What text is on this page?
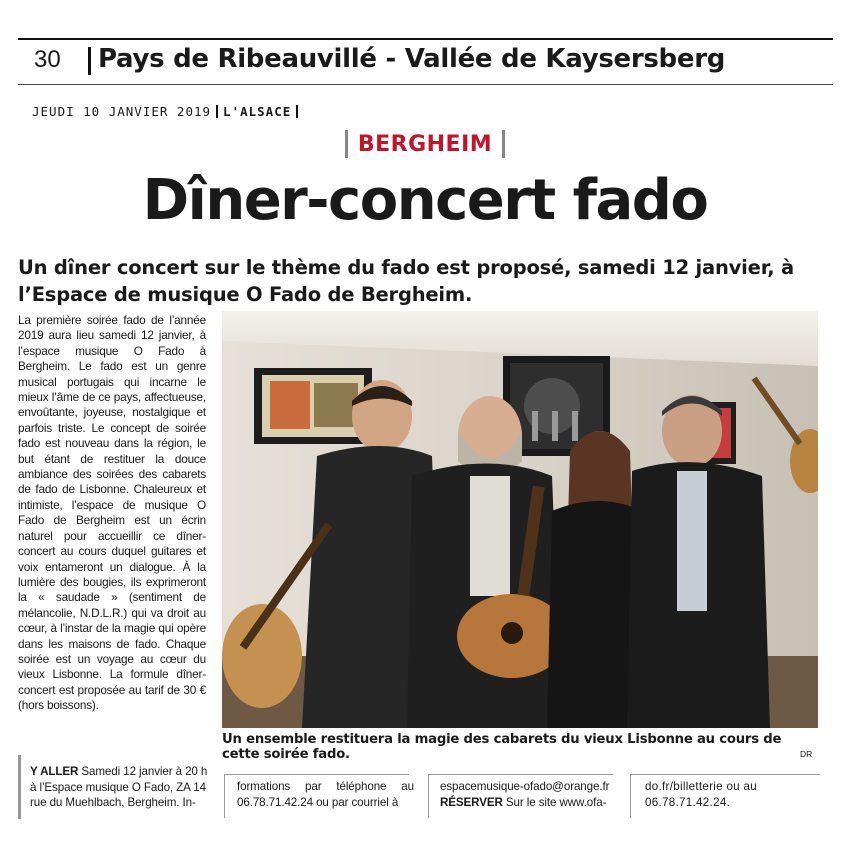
30 Pays de Ribeauvillé - Vallée de Kaysersberg
JEUDI 10 JANVIER 2019 L'ALSACE
BERGHEIM
Dîner-concert fado
Un dîner concert sur le thème du fado est proposé, samedi 12 janvier, à l’Espace de musique O Fado de Bergheim.
La première soirée fado de l’année 2019 aura lieu samedi 12 janvier, à l’espace musique O Fado à Bergheim. Le fado est un genre musical portugais qui incarne le mieux l’âme de ce pays, affectueuse, envoûtante, joyeuse, nostalgique et parfois triste. Le concept de soirée fado est nouveau dans la région, le but étant de restituer la douce ambiance des soirées des cabarets de fado de Lisbonne. Chaleureux et intimiste, l’espace de musique O Fado de Bergheim est un écrin naturel pour accueillir ce dîner-concert au cours duquel guitares et voix entameront un dialogue. À la lumière des bougies, ils exprimeront la « saudade » (sentiment de mélancolie, N.D.L.R.) qui va droit au cœur, à l’instar de la magie qui opère dans les maisons de fado. Chaque soirée est un voyage au cœur du vieux Lisbonne. La formule dîner-concert est proposée au tarif de 30 € (hors boissons).
Un ensemble restituera la magie des cabarets du vieux Lisbonne au cours de cette soirée fado.	DR
Y ALLER Samedi 12 janvier à 20 h à l’Espace musique O Fado, ZA 14 rue du Muehlbach, Bergheim. In-
formations par téléphone au 06.78.71.42.24 ou par courriel à
espacemusique-ofado@orange.fr
RÉSERVER Sur le site www.ofa-
do.fr/billetterie ou au 06.78.71.42.24.
